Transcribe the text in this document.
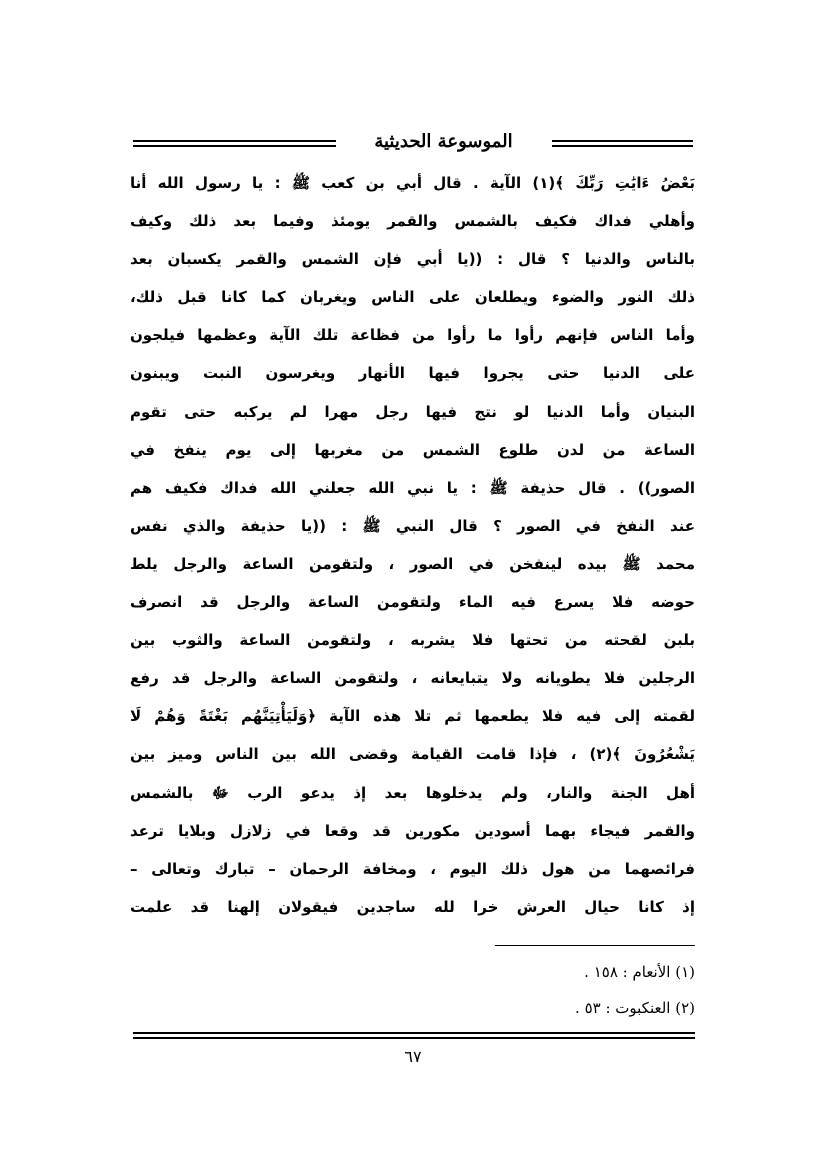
الموسوعة الحديثية
بَعْضُ ءَايَٰتِ رَبِّكَ ﴾(١) الآية . قال أبي بن كعب ﷺ : يا رسول الله أنا
وأهلي فداك فكيف بالشمس والقمر يومئذ وفيما بعد ذلك وكيف
بالناس والدنيا ؟ قال : ((يا أبي فإن الشمس والقمر يكسبان بعد
ذلك النور والضوء ويطلعان على الناس ويغربان كما كانا قبل ذلك،
وأما الناس فإنهم رأوا ما رأوا من فظاعة تلك الآية وعظمها فيلجون
على الدنيا حتى يجروا فيها الأنهار ويغرسون النبت ويبنون
البنيان وأما الدنيا لو نتج فيها رجل مهرا لم يركبه حتى تقوم
الساعة من لدن طلوع الشمس من مغربها إلى يوم ينفخ في
الصور)) . قال حذيفة ﷺ : يا نبي الله جعلني الله فداك فكيف هم
عند النفخ في الصور ؟ قال النبي ﷺ : ((يا حذيفة والذي نفس
محمد ﷺ بيده لينفخن في الصور ، ولتقومن الساعة والرجل يلط
حوضه فلا يسرع فيه الماء ولتقومن الساعة والرجل قد انصرف
بلبن لقحته من تحتها فلا يشربه ، ولتقومن الساعة والثوب بين
الرجلين فلا يطويانه ولا يتبايعانه ، ولتقومن الساعة والرجل قد رفع
لقمته إلى فيه فلا يطعمها ثم تلا هذه الآية ﴿وَلَيَأْتِيَنَّهُم بَغْتَةً وَهُمْ لَا
يَشْعُرُونَ ﴾(٢) ، فإذا قامت القيامة وقضى الله بين الناس وميز بين
أهل الجنة والنار، ولم يدخلوها بعد إذ يدعو الرب ﷻ بالشمس
والقمر فيجاء بهما أسودين مكورين قد وقعا في زلازل وبلايا ترعد
فرائصهما من هول ذلك اليوم ، ومخافة الرحمان – تبارك وتعالى –
إذ كانا حيال العرش خرا لله ساجدين فيقولان إلهنا قد علمت
(١) الأنعام : ١٥٨ .
(٢) العنكبوت : ٥٣ .
٦٧
